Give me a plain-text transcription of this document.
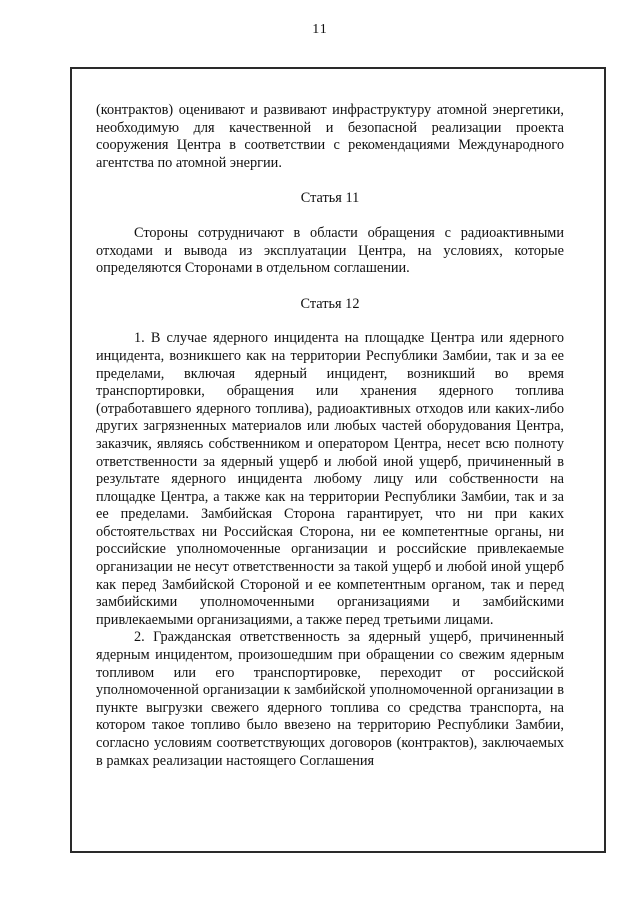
11

(контрактов) оценивают и развивают инфраструктуру атомной энергетики, необходимую для качественной и безопасной реализации проекта сооружения Центра в соответствии с рекомендациями Международного агентства по атомной энергии.

Статья 11

Стороны сотрудничают в области обращения с радиоактивными отходами и вывода из эксплуатации Центра, на условиях, которые определяются Сторонами в отдельном соглашении.

Статья 12

1. В случае ядерного инцидента на площадке Центра или ядерного инцидента, возникшего как на территории Республики Замбии, так и за ее пределами, включая ядерный инцидент, возникший во время транспортировки, обращения или хранения ядерного топлива (отработавшего ядерного топлива), радиоактивных отходов или каких-либо других загрязненных материалов или любых частей оборудования Центра, заказчик, являясь собственником и оператором Центра, несет всю полноту ответственности за ядерный ущерб и любой иной ущерб, причиненный в результате ядерного инцидента любому лицу или собственности на площадке Центра, а также как на территории Республики Замбии, так и за ее пределами. Замбийская Сторона гарантирует, что ни при каких обстоятельствах ни Российская Сторона, ни ее компетентные органы, ни российские уполномоченные организации и российские привлекаемые организации не несут ответственности за такой ущерб и любой иной ущерб как перед Замбийской Стороной и ее компетентным органом, так и перед замбийскими уполномоченными организациями и замбийскими привлекаемыми организациями, а также перед третьими лицами.

2. Гражданская ответственность за ядерный ущерб, причиненный ядерным инцидентом, произошедшим при обращении со свежим ядерным топливом или его транспортировке, переходит от российской уполномоченной организации к замбийской уполномоченной организации в пункте выгрузки свежего ядерного топлива со средства транспорта, на котором такое топливо было ввезено на территорию Республики Замбии, согласно условиям соответствующих договоров (контрактов), заключаемых в рамках реализации настоящего Соглашения
